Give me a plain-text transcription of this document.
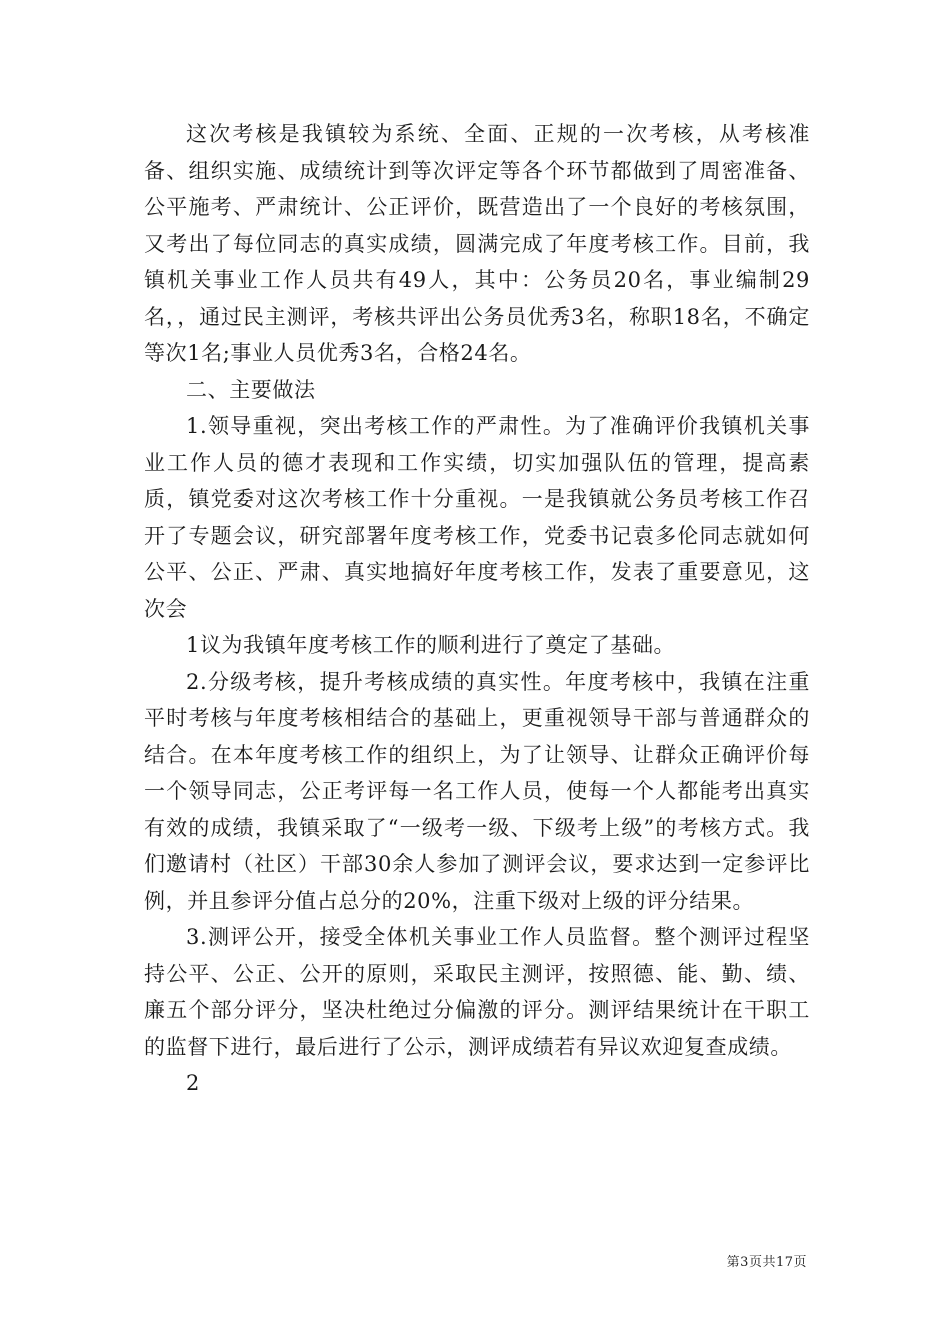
这次考核是我镇较为系统、全面、正规的一次考核，从考核准备、组织实施、成绩统计到等次评定等各个环节都做到了周密准备、公平施考、严肃统计、公正评价，既营造出了一个良好的考核氛围，又考出了每位同志的真实成绩，圆满完成了年度考核工作。目前，我镇机关事业工作人员共有49人，其中：公务员20名，事业编制29名，，通过民主测评，考核共评出公务员优秀3名，称职18名，不确定等次1名;事业人员优秀3名，合格24名。

二、主要做法

1.领导重视，突出考核工作的严肃性。为了准确评价我镇机关事业工作人员的德才表现和工作实绩，切实加强队伍的管理，提高素质，镇党委对这次考核工作十分重视。一是我镇就公务员考核工作召开了专题会议，研究部署年度考核工作，党委书记袁多伦同志就如何公平、公正、严肃、真实地搞好年度考核工作，发表了重要意见，这次会

1议为我镇年度考核工作的顺利进行了奠定了基础。

2.分级考核，提升考核成绩的真实性。年度考核中，我镇在注重平时考核与年度考核相结合的基础上，更重视领导干部与普通群众的结合。在本年度考核工作的组织上，为了让领导、让群众正确评价每一个领导同志，公正考评每一名工作人员，使每一个人都能考出真实有效的成绩，我镇采取了“一级考一级、下级考上级”的考核方式。我们邀请村（社区）干部30余人参加了测评会议，要求达到一定参评比例，并且参评分值占总分的20%，注重下级对上级的评分结果。

3.测评公开，接受全体机关事业工作人员监督。整个测评过程坚持公平、公正、公开的原则，采取民主测评，按照德、能、勤、绩、廉五个部分评分，坚决杜绝过分偏激的评分。测评结果统计在干职工的监督下进行，最后进行了公示，测评成绩若有异议欢迎复查成绩。

2

第3页共17页
